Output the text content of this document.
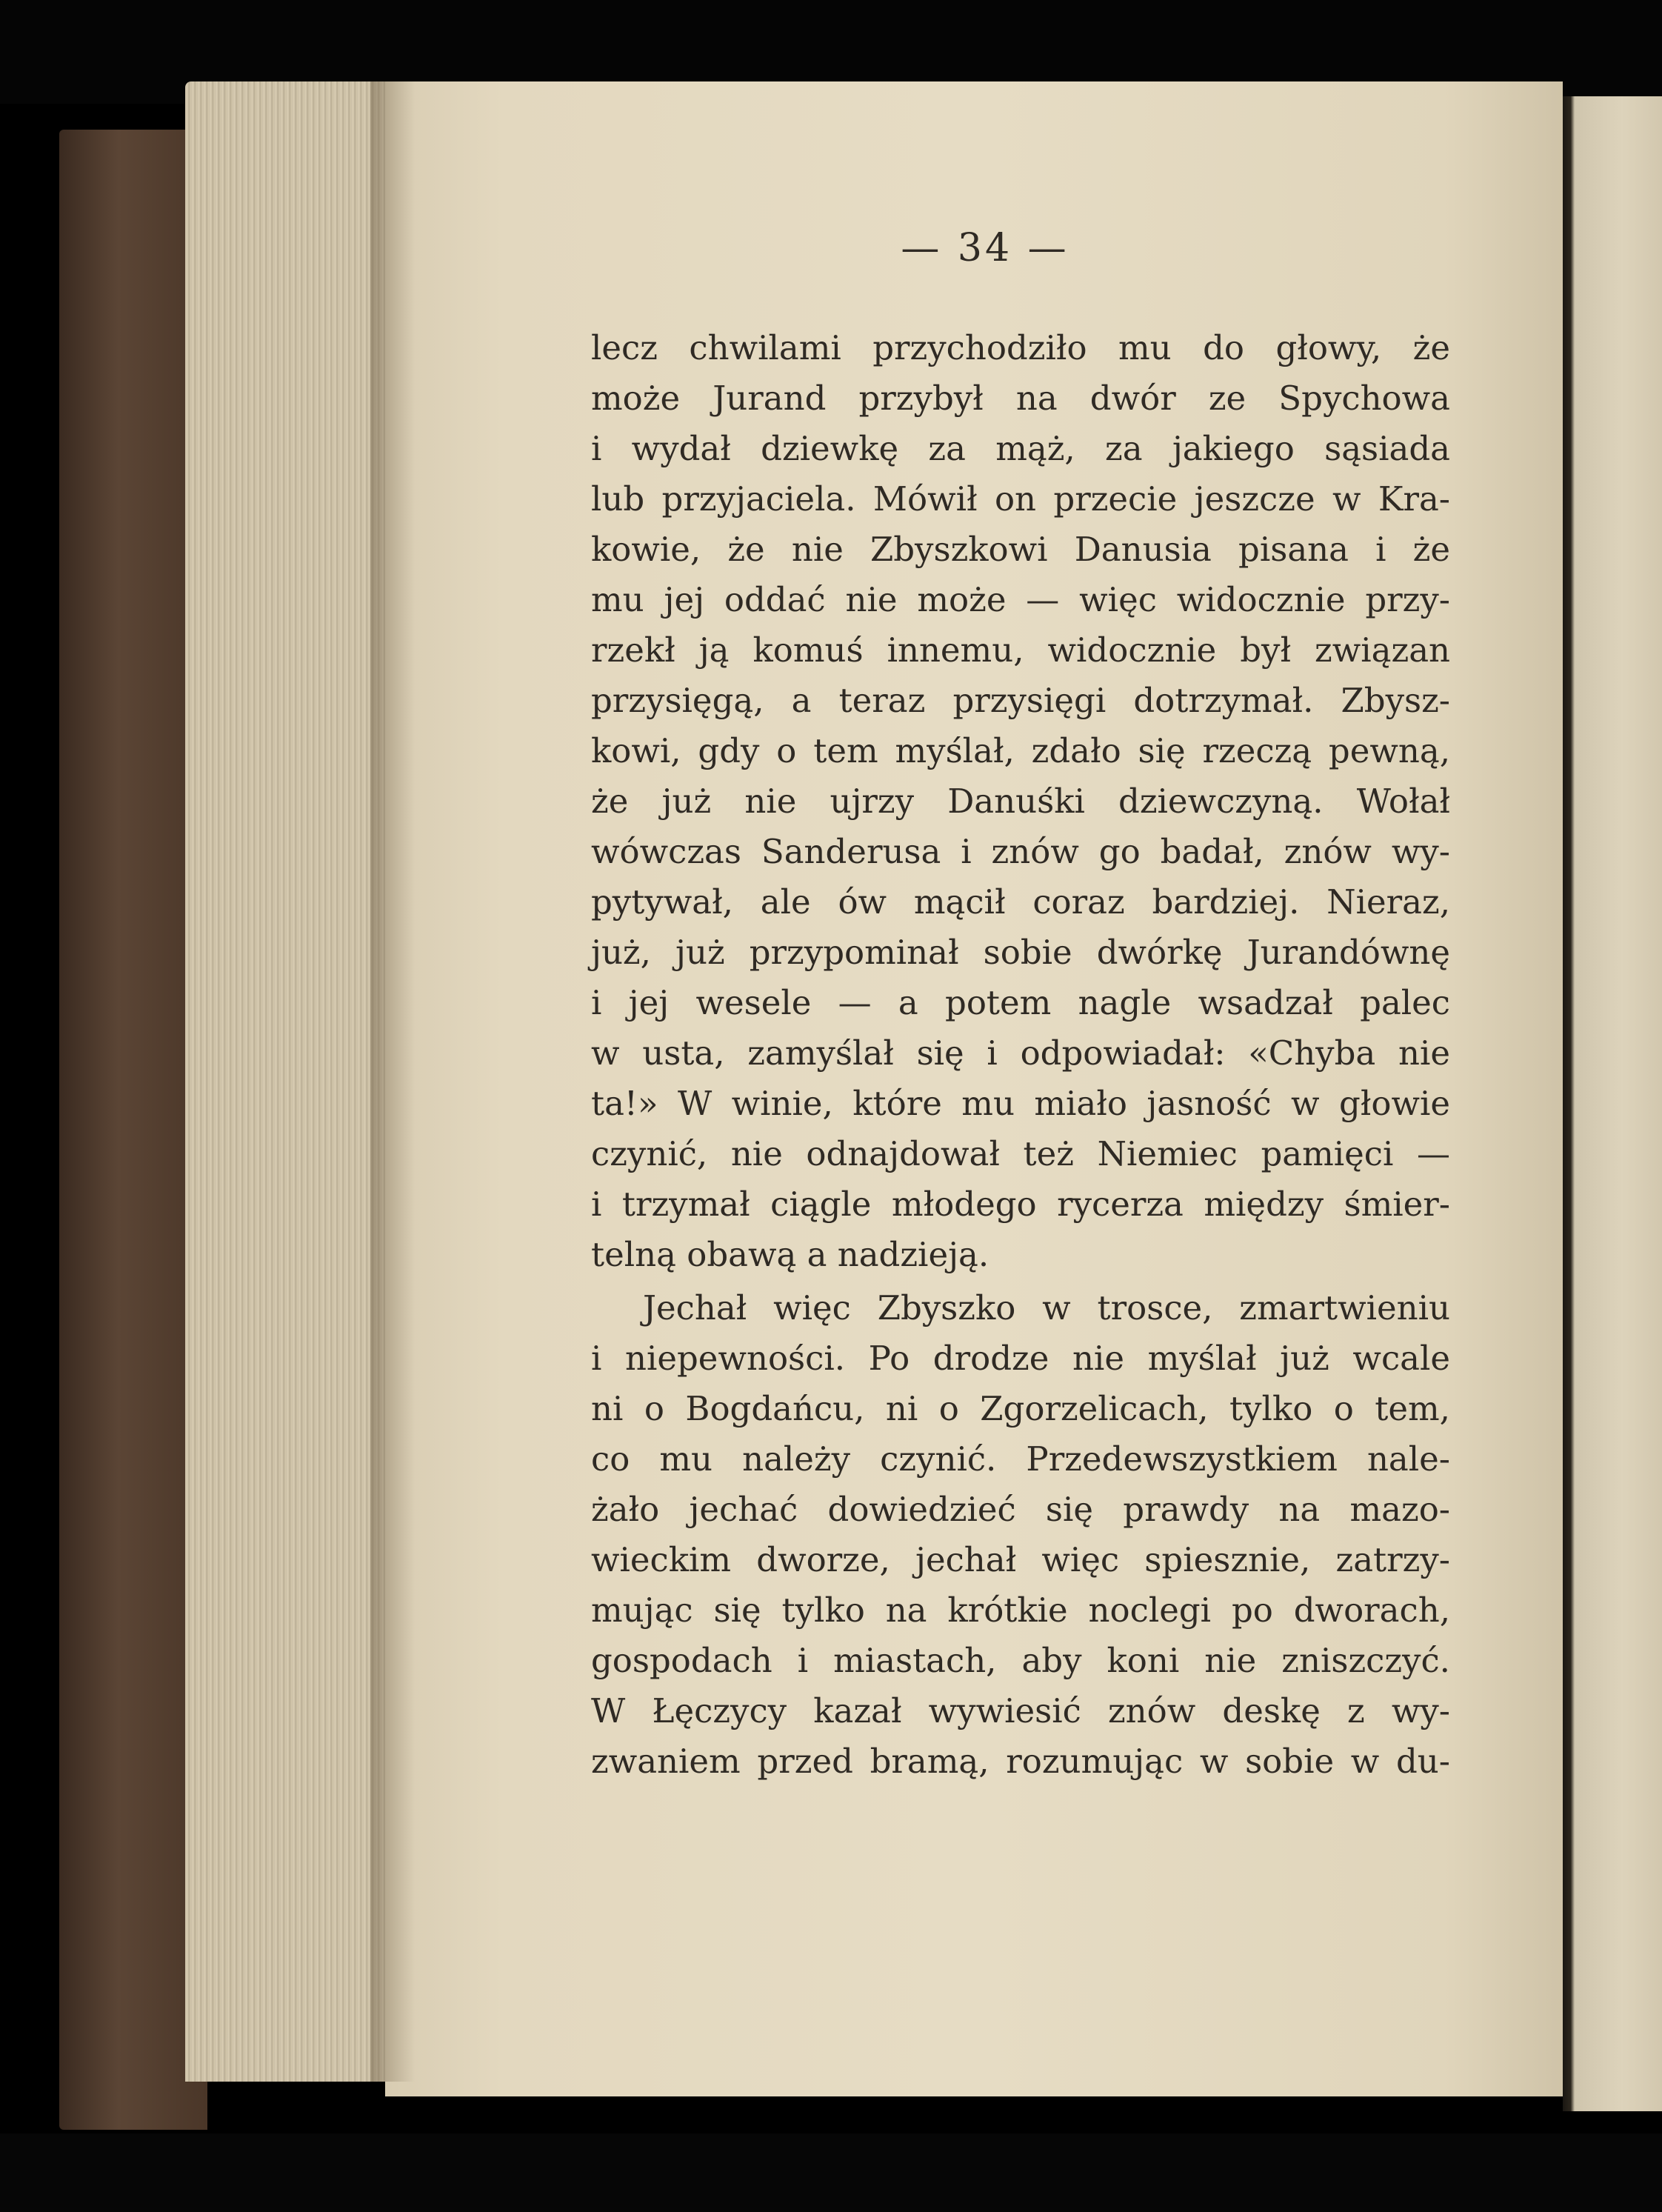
— 34 —
lecz chwilami przychodziło mu do głowy, że
może Jurand przybył na dwór ze Spychowa
i wydał dziewkę za mąż, za jakiego sąsiada
lub przyjaciela. Mówił on przecie jeszcze w Kra-
kowie, że nie Zbyszkowi Danusia pisana i że
mu jej oddać nie może — więc widocznie przy-
rzekł ją komuś innemu, widocznie był związan
przysięgą, a teraz przysięgi dotrzymał. Zbysz-
kowi, gdy o tem myślał, zdało się rzeczą pewną,
że już nie ujrzy Danuśki dziewczyną. Wołał
wówczas Sanderusa i znów go badał, znów wy-
pytywał, ale ów mącił coraz bardziej. Nieraz,
już, już przypominał sobie dwórkę Jurandównę
i jej wesele — a potem nagle wsadzał palec
w usta, zamyślał się i odpowiadał: «Chyba nie
ta!» W winie, które mu miało jasność w głowie
czynić, nie odnajdował też Niemiec pamięci —
i trzymał ciągle młodego rycerza między śmier-
telną obawą a nadzieją.
Jechał więc Zbyszko w trosce, zmartwieniu
i niepewności. Po drodze nie myślał już wcale
ni o Bogdańcu, ni o Zgorzelicach, tylko o tem,
co mu należy czynić. Przedewszystkiem nale-
żało jechać dowiedzieć się prawdy na mazo-
wieckim dworze, jechał więc spiesznie, zatrzy-
mując się tylko na krótkie noclegi po dworach,
gospodach i miastach, aby koni nie zniszczyć.
W Łęczycy kazał wywiesić znów deskę z wy-
zwaniem przed bramą, rozumując w sobie w du-
